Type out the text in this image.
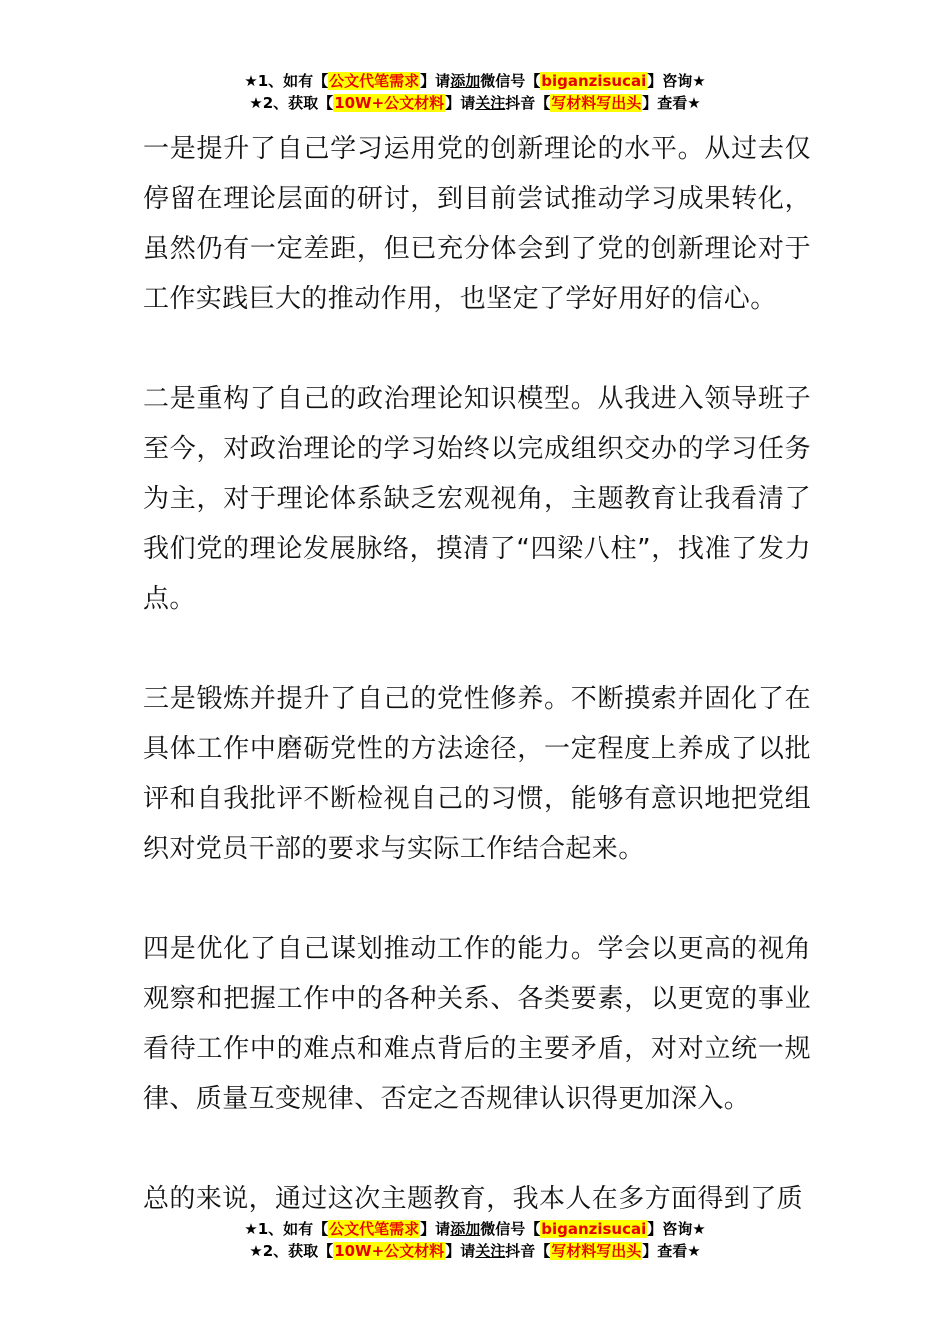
★1、如有【公文代笔需求】请添加微信号【biganzisucai】咨询★
★2、获取【10W+公文材料】请关注抖音【写材料写出头】查看★

一是提升了自己学习运用党的创新理论的水平。从过去仅停留在理论层面的研讨，到目前尝试推动学习成果转化，虽然仍有一定差距，但已充分体会到了党的创新理论对于工作实践巨大的推动作用，也坚定了学好用好的信心。

二是重构了自己的政治理论知识模型。从我进入领导班子至今，对政治理论的学习始终以完成组织交办的学习任务为主，对于理论体系缺乏宏观视角，主题教育让我看清了我们党的理论发展脉络，摸清了“四梁八柱”，找准了发力点。

三是锻炼并提升了自己的党性修养。不断摸索并固化了在具体工作中磨砺党性的方法途径，一定程度上养成了以批评和自我批评不断检视自己的习惯，能够有意识地把党组织对党员干部的要求与实际工作结合起来。

四是优化了自己谋划推动工作的能力。学会以更高的视角观察和把握工作中的各种关系、各类要素，以更宽的事业看待工作中的难点和难点背后的主要矛盾，对对立统一规律、质量互变规律、否定之否规律认识得更加深入。

总的来说，通过这次主题教育，我本人在多方面得到了质

★1、如有【公文代笔需求】请添加微信号【biganzisucai】咨询★
★2、获取【10W+公文材料】请关注抖音【写材料写出头】查看★
